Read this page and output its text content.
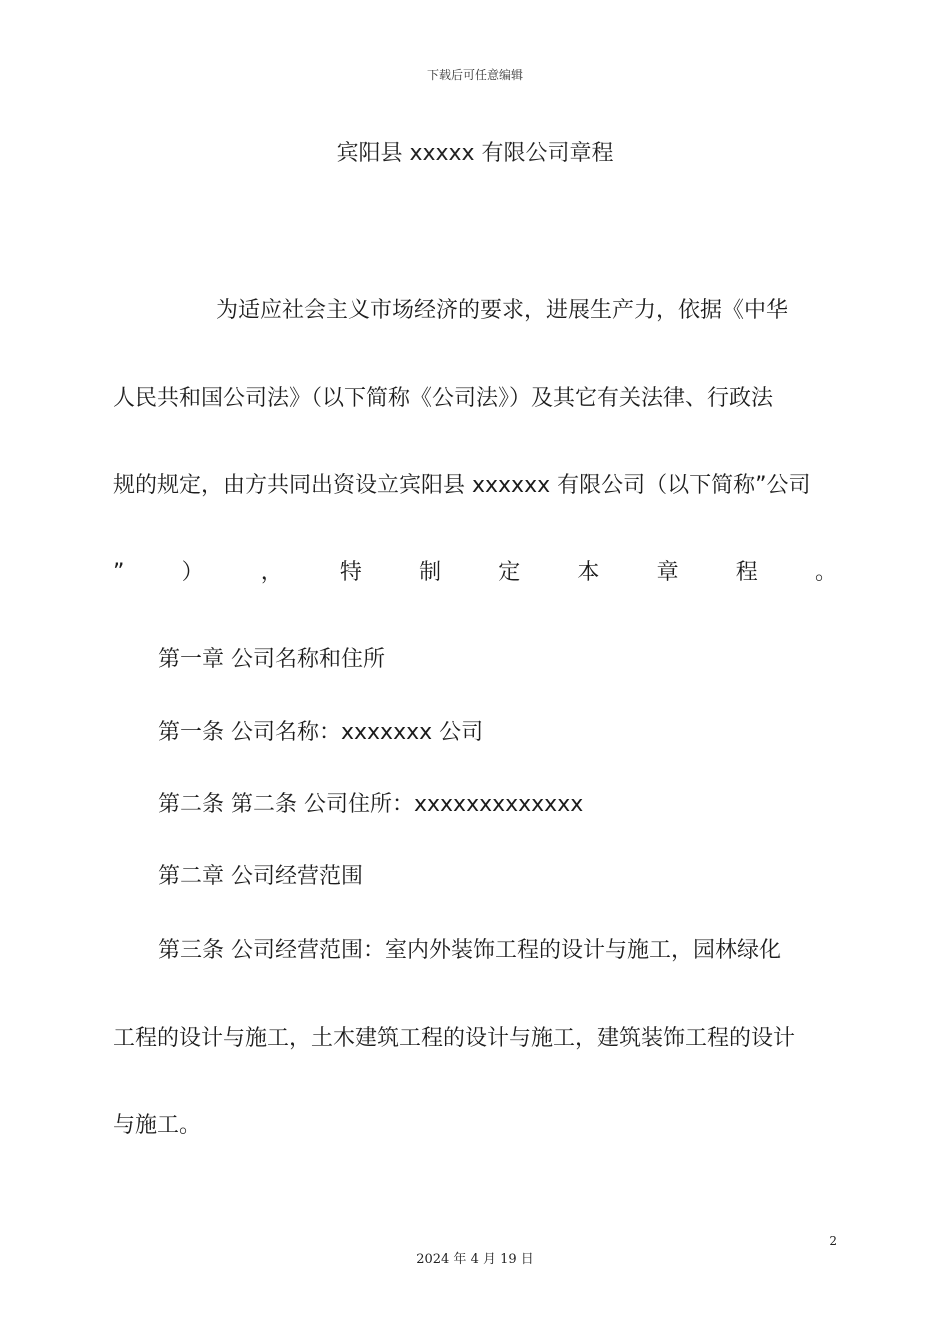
下载后可任意编辑
宾阳县 xxxxx 有限公司章程
为适应社会主义市场经济的要求，进展生产力，依据《中华
人民共和国公司法》（以下简称《公司法》）及其它有关法律、行政法
规的规定，由方共同出资设立宾阳县 xxxxxx 有限公司（以下简称”公司
”	）	，	特	制	定	本	章	程	。
第一章 公司名称和住所
第一条 公司名称：xxxxxxx 公司
第二条 第二条 公司住所：xxxxxxxxxxxxx
第二章 公司经营范围
第三条 公司经营范围：室内外装饰工程的设计与施工，园林绿化
工程的设计与施工，土木建筑工程的设计与施工，建筑装饰工程的设计
与施工。
2
2024 年 4 月 19 日
